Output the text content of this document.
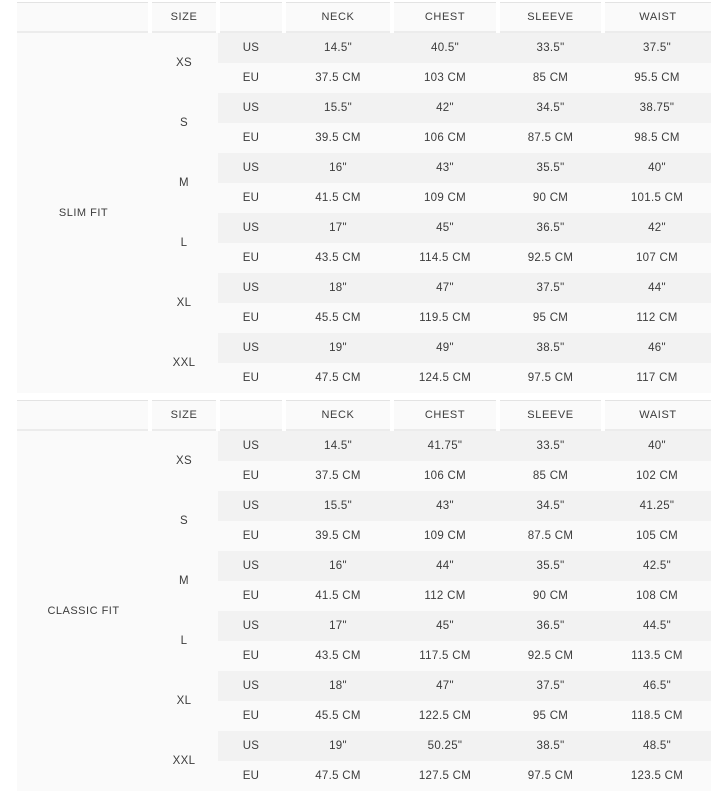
	SIZE		NECK	CHEST	SLEEVE	WAIST
SLIM FIT	XS	US	14.5"	40.5"	33.5"	37.5"
		EU	37.5 CM	103 CM	85 CM	95.5 CM
	S	US	15.5"	42"	34.5"	38.75"
		EU	39.5 CM	106 CM	87.5 CM	98.5 CM
	M	US	16"	43"	35.5"	40"
		EU	41.5 CM	109 CM	90 CM	101.5 CM
	L	US	17"	45"	36.5"	42"
		EU	43.5 CM	114.5 CM	92.5 CM	107 CM
	XL	US	18"	47"	37.5"	44"
		EU	45.5 CM	119.5 CM	95 CM	112 CM
	XXL	US	19"	49"	38.5"	46"
		EU	47.5 CM	124.5 CM	97.5 CM	117 CM
	SIZE		NECK	CHEST	SLEEVE	WAIST
CLASSIC FIT	XS	US	14.5"	41.75"	33.5"	40"
		EU	37.5 CM	106 CM	85 CM	102 CM
	S	US	15.5"	43"	34.5"	41.25"
		EU	39.5 CM	109 CM	87.5 CM	105 CM
	M	US	16"	44"	35.5"	42.5"
		EU	41.5 CM	112 CM	90 CM	108 CM
	L	US	17"	45"	36.5"	44.5"
		EU	43.5 CM	117.5 CM	92.5 CM	113.5 CM
	XL	US	18"	47"	37.5"	46.5"
		EU	45.5 CM	122.5 CM	95 CM	118.5 CM
	XXL	US	19"	50.25"	38.5"	48.5"
		EU	47.5 CM	127.5 CM	97.5 CM	123.5 CM
